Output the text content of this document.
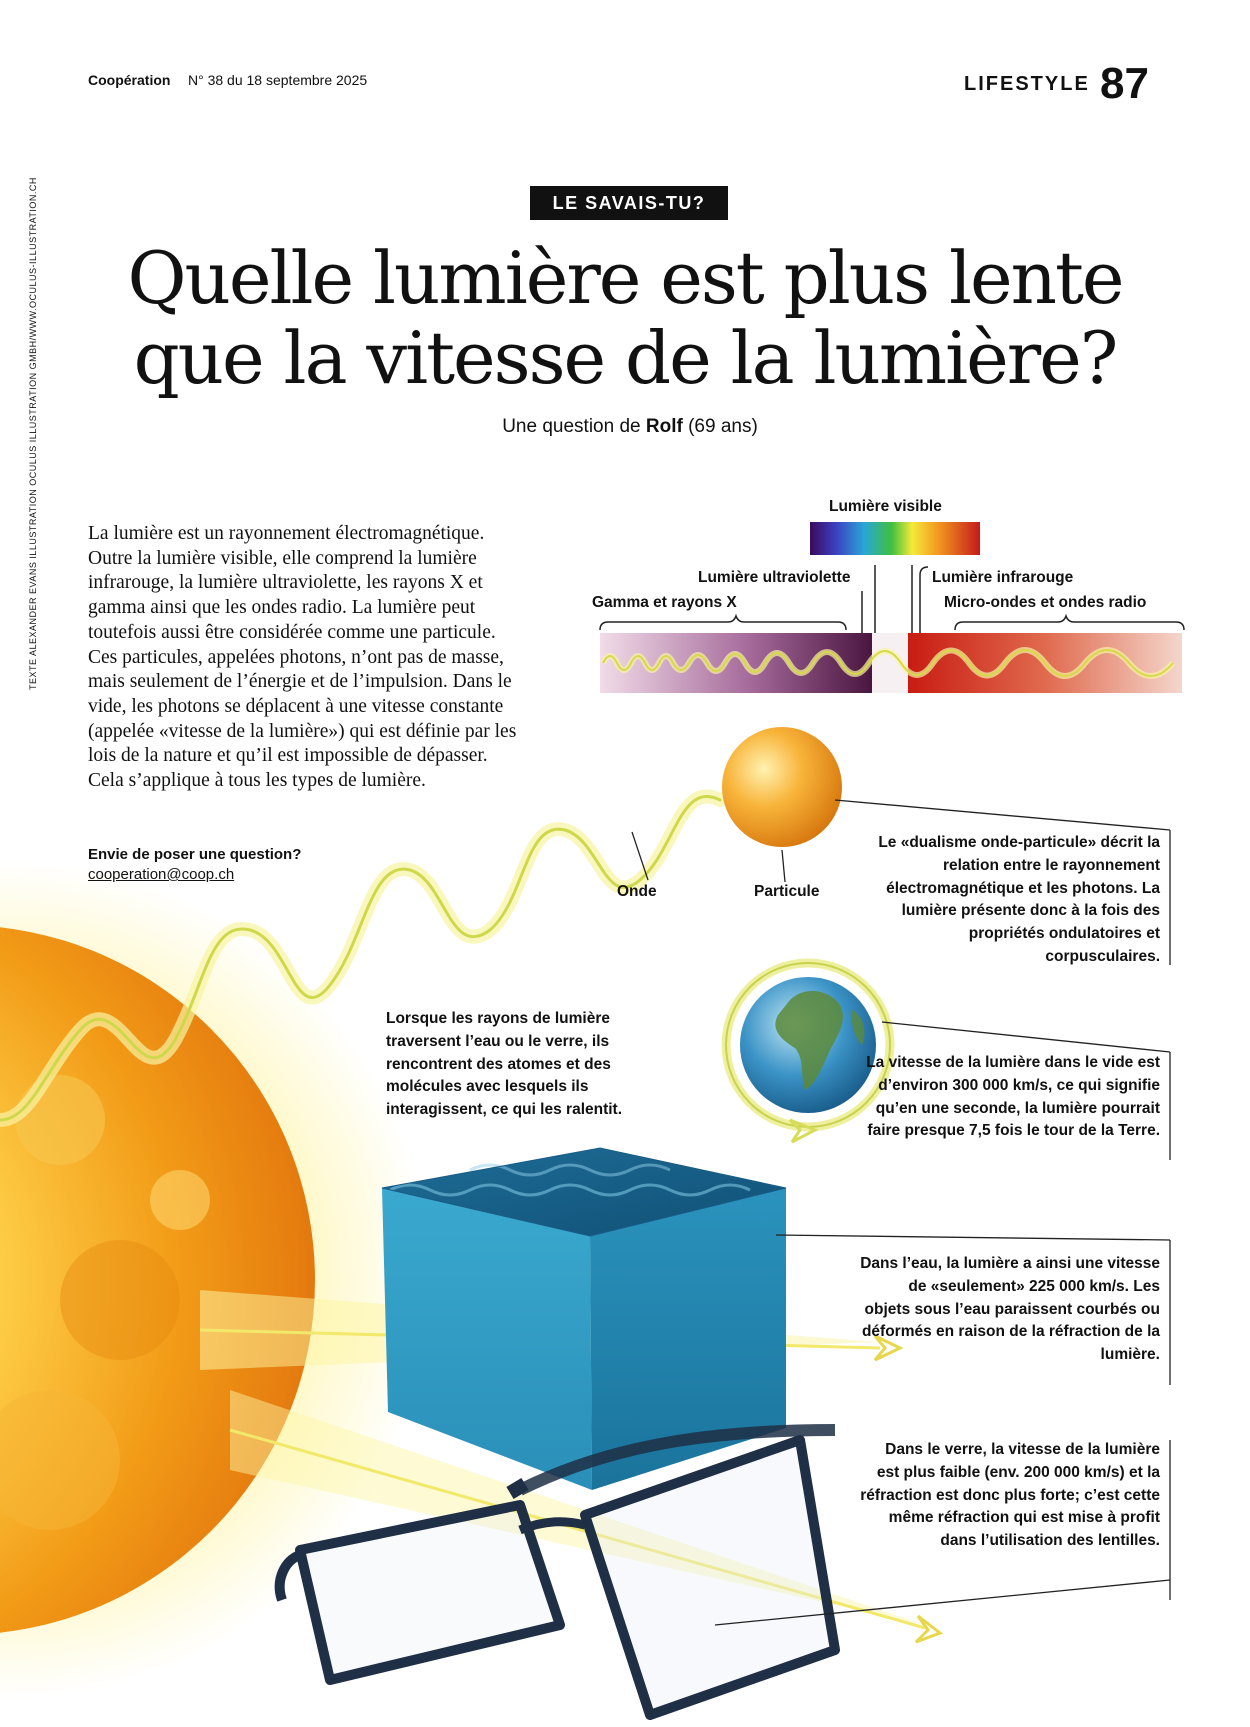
Coopération N° 38 du 18 septembre 2025	LIFESTYLE 87
TEXTE ALEXANDER EVANS ILLUSTRATION OCULUS ILLUSTRATION GMBH/WWW.OCULUS-ILLUSTRATION.CH	LE SAVAIS-TU?
Quelle lumière est plus lente
que la vitesse de la lumière?
Une question de Rolf (69 ans)
La lumière est un rayonnement électromagnétique. Outre la lumière visible, elle comprend la lumière infrarouge, la lumière ultraviolette, les rayons X et gamma ainsi que les ondes radio. La lumière peut toutefois aussi être considérée comme une particule. Ces particules, appelées photons, n’ont pas de masse, mais seulement de l’énergie et de l’impulsion. Dans le vide, les photons se déplacent à une vitesse constante (appelée «vitesse de la lumière») qui est définie par les lois de la nature et qu’il est impossible de dépasser. Cela s’applique à tous les types de lumière.
Envie de poser une question?
cooperation@coop.ch
Lumière visible
Lumière ultraviolette	Lumière infrarouge
Gamma et rayons X	Micro-ondes et ondes radio
Onde	Particule
Le «dualisme onde-particule» décrit la relation entre le rayonnement électromagnétique et les photons. La lumière présente donc à la fois des propriétés ondulatoires et corpusculaires.
Lorsque les rayons de lumière traversent l’eau ou le verre, ils rencontrent des atomes et des molécules avec lesquels ils interagissent, ce qui les ralentit.
La vitesse de la lumière dans le vide est d’environ 300 000 km/s, ce qui signifie qu’en une seconde, la lumière pourrait faire presque 7,5 fois le tour de la Terre.
Dans l’eau, la lumière a ainsi une vitesse de «seulement» 225 000 km/s. Les objets sous l’eau paraissent courbés ou déformés en raison de la réfraction de la lumière.
Dans le verre, la vitesse de la lumière est plus faible (env. 200 000 km/s) et la réfraction est donc plus forte; c’est cette même réfraction qui est mise à profit dans l’utilisation des lentilles.
